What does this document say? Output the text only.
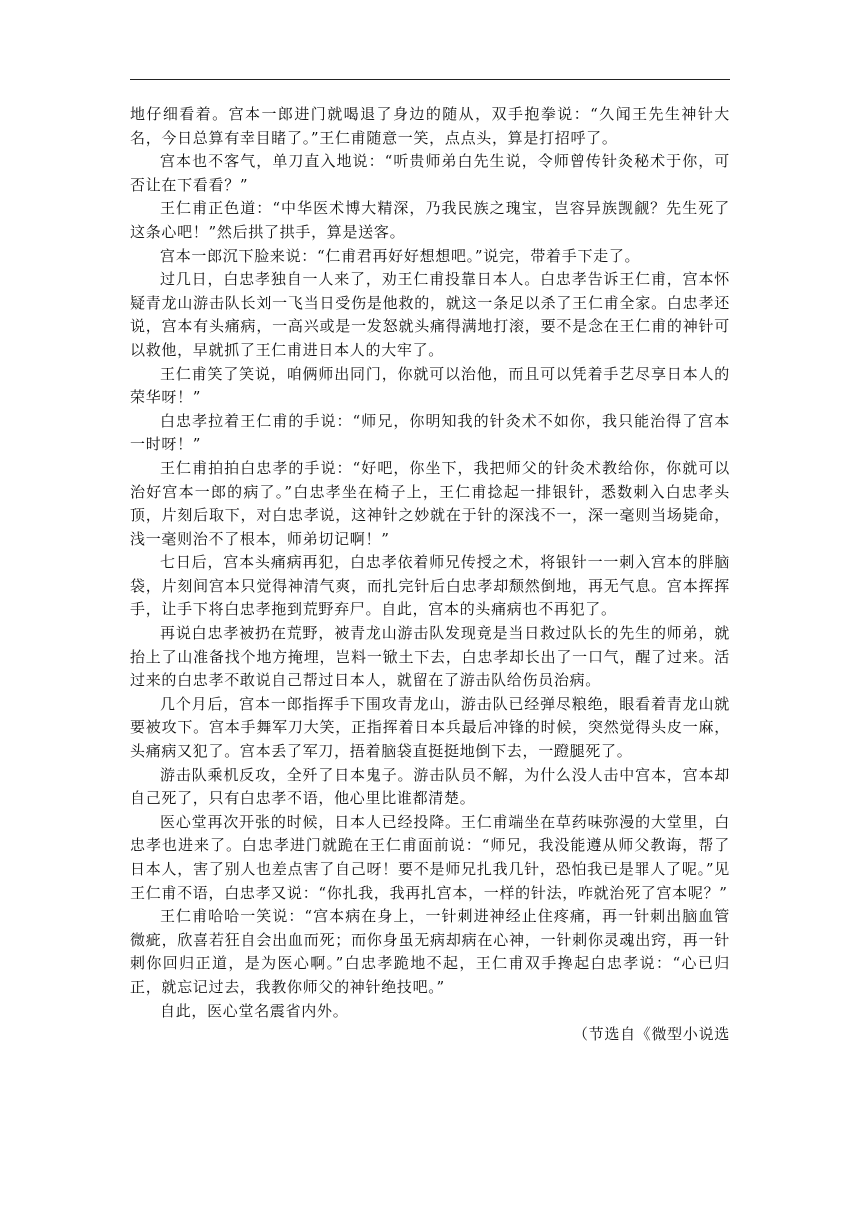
地仔细看着。宫本一郎进门就喝退了身边的随从，双手抱拳说：“久闻王先生神针大名，今日总算有幸目睹了。”王仁甫随意一笑，点点头，算是打招呼了。

宫本也不客气，单刀直入地说：“听贵师弟白先生说，令师曾传针灸秘术于你，可否让在下看看？”

王仁甫正色道：“中华医术博大精深，乃我民族之瑰宝，岂容异族觊觎？先生死了这条心吧！”然后拱了拱手，算是送客。

宫本一郎沉下脸来说：“仁甫君再好好想想吧。”说完，带着手下走了。

过几日，白忠孝独自一人来了，劝王仁甫投靠日本人。白忠孝告诉王仁甫，宫本怀疑青龙山游击队长刘一飞当日受伤是他救的，就这一条足以杀了王仁甫全家。白忠孝还说，宫本有头痛病，一高兴或是一发怒就头痛得满地打滚，要不是念在王仁甫的神针可以救他，早就抓了王仁甫进日本人的大牢了。

王仁甫笑了笑说，咱俩师出同门，你就可以治他，而且可以凭着手艺尽享日本人的荣华呀！”

白忠孝拉着王仁甫的手说：“师兄，你明知我的针灸术不如你，我只能治得了宫本一时呀！”

王仁甫拍拍白忠孝的手说：“好吧，你坐下，我把师父的针灸术教给你，你就可以治好宫本一郎的病了。”白忠孝坐在椅子上，王仁甫捻起一排银针，悉数刺入白忠孝头顶，片刻后取下，对白忠孝说，这神针之妙就在于针的深浅不一，深一毫则当场毙命，浅一毫则治不了根本，师弟切记啊！”

七日后，宫本头痛病再犯，白忠孝依着师兄传授之术，将银针一一刺入宫本的胖脑袋，片刻间宫本只觉得神清气爽，而扎完针后白忠孝却颓然倒地，再无气息。宫本挥挥手，让手下将白忠孝拖到荒野弃尸。自此，宫本的头痛病也不再犯了。

再说白忠孝被扔在荒野，被青龙山游击队发现竟是当日救过队长的先生的师弟，就抬上了山准备找个地方掩埋，岂料一锨土下去，白忠孝却长出了一口气，醒了过来。活过来的白忠孝不敢说自己帮过日本人，就留在了游击队给伤员治病。

几个月后，宫本一郎指挥手下围攻青龙山，游击队已经弹尽粮绝，眼看着青龙山就要被攻下。宫本手舞军刀大笑，正指挥着日本兵最后冲锋的时候，突然觉得头皮一麻，头痛病又犯了。宫本丢了军刀，捂着脑袋直挺挺地倒下去，一蹬腿死了。

游击队乘机反攻，全歼了日本鬼子。游击队员不解，为什么没人击中宫本，宫本却自己死了，只有白忠孝不语，他心里比谁都清楚。

医心堂再次开张的时候，日本人已经投降。王仁甫端坐在草药味弥漫的大堂里，白忠孝也进来了。白忠孝进门就跪在王仁甫面前说：“师兄，我没能遵从师父教诲，帮了日本人，害了别人也差点害了自己呀！要不是师兄扎我几针，恐怕我已是罪人了呢。”见王仁甫不语，白忠孝又说：“你扎我，我再扎宫本，一样的针法，咋就治死了宫本呢？”

王仁甫哈哈一笑说：“宫本病在身上，一针刺进神经止住疼痛，再一针刺出脑血管微疵，欣喜若狂自会出血而死；而你身虽无病却病在心神，一针刺你灵魂出窍，再一针刺你回归正道，是为医心啊。”白忠孝跪地不起，王仁甫双手搀起白忠孝说：“心已归正，就忘记过去，我教你师父的神针绝技吧。”

自此，医心堂名震省内外。

（节选自《微型小说选
